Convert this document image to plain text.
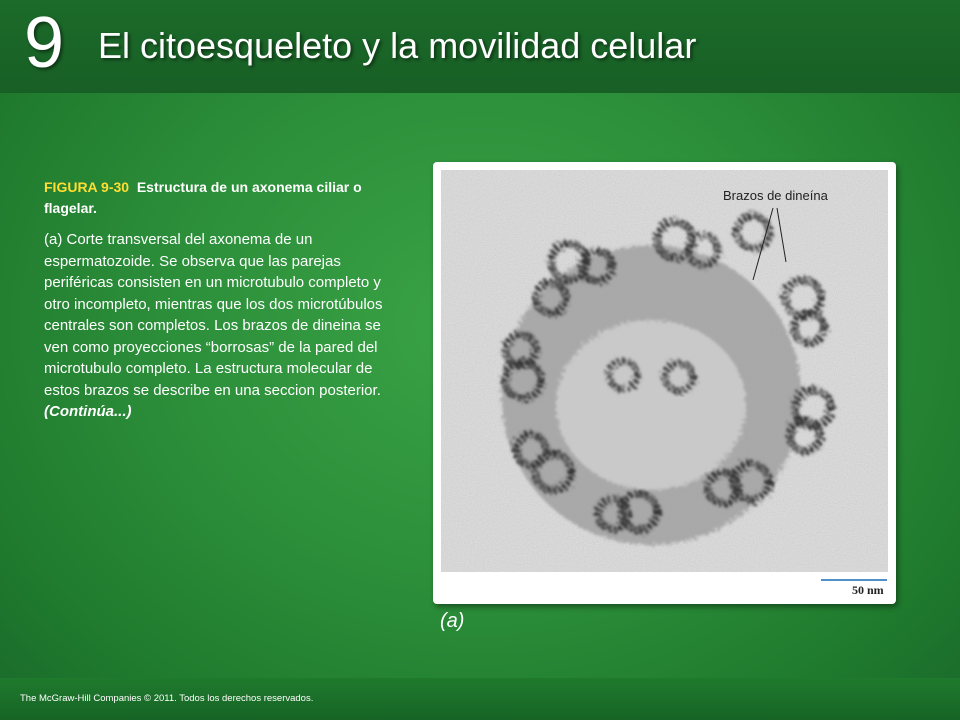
9 El citoesqueleto y la movilidad celular
FIGURA 9-30 Estructura de un axonema ciliar o flagelar.
(a) Corte transversal del axonema de un espermatozoide. Se observa que las parejas periféricas consisten en un microtubulo completo y otro incompleto, mientras que los dos microtúbulos centrales son completos. Los brazos de dineina se ven como proyecciones “borrosas” de la pared del microtubulo completo. La estructura molecular de estos brazos se describe en una seccion posterior. (Continúa...)
Brazos de dineína
50 nm
(a)
The McGraw-Hill Companies © 2011. Todos los derechos reservados.
